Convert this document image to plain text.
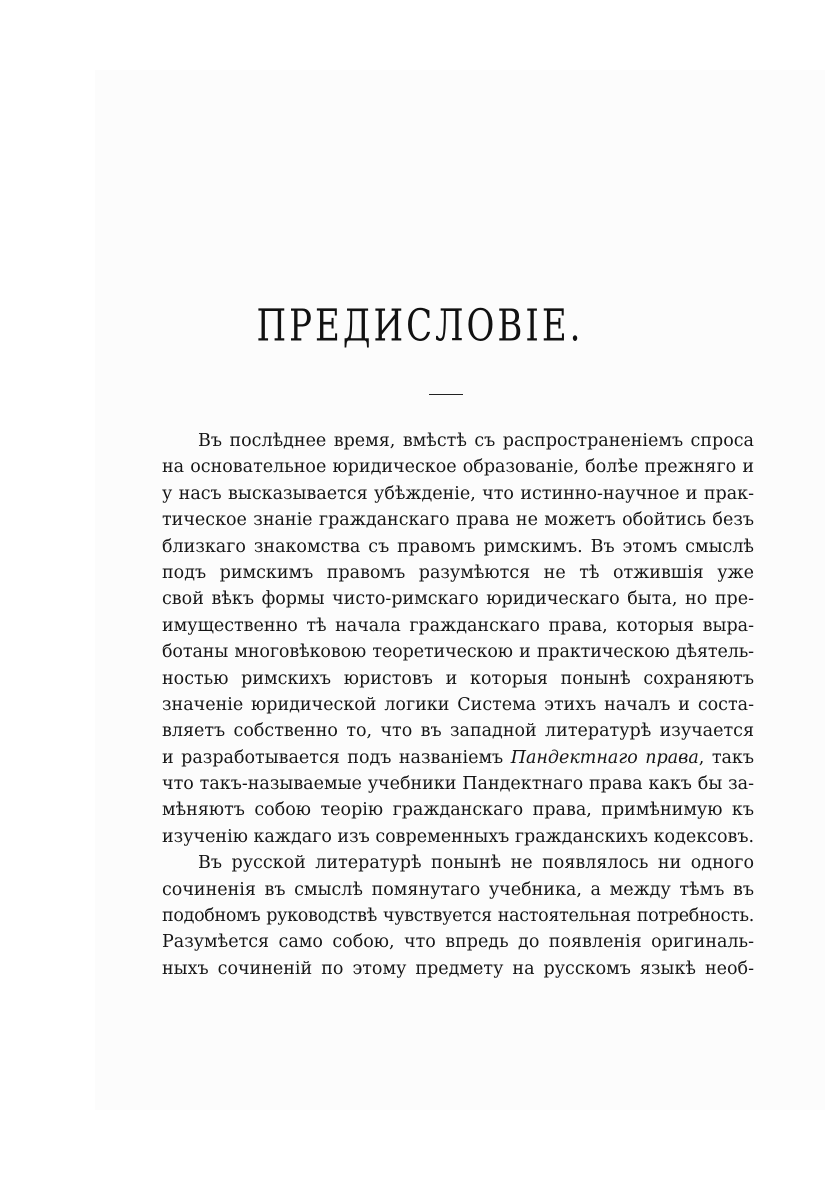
ПРЕДИСЛОВIЕ.
Въ послѣднее время, вмѣстѣ съ распространенiемъ спроса
на основательное юридическое образованiе, болѣе прежняго и
у насъ высказывается убѣжденiе, что истинно-научное и прак-
тическое знанiе гражданскаго права не можетъ обойтись безъ
близкаго знакомства съ правомъ римскимъ. Въ этомъ смыслѣ
подъ римскимъ правомъ разумѣются не тѣ отжившiя уже
свой вѣкъ формы чисто-римскаго юридическаго быта, но пре-
имущественно тѣ начала гражданскаго права, которыя выра-
ботаны многовѣковою теоретическою и практическою дѣятель-
ностью римскихъ юристовъ и которыя понынѣ сохраняютъ
значенiе юридической логики Система этихъ началъ и соста-
вляетъ собственно то, что въ западной литературѣ изучается
и разработывается подъ названiемъ Пандектнаго права, такъ
что такъ-называемые учебники Пандектнаго права какъ бы за-
мѣняютъ собою теорiю гражданскаго права, примѣнимую къ
изученiю каждаго изъ современныхъ гражданскихъ кодексовъ.
Въ русской литературѣ понынѣ не появлялось ни одного
сочиненiя въ смыслѣ помянутаго учебника, а между тѣмъ въ
подобномъ руководствѣ чувствуется настоятельная потребность.
Разумѣется само собою, что впредь до появленiя оригиналь-
ныхъ сочиненiй по этому предмету на русскомъ языкѣ необ-
